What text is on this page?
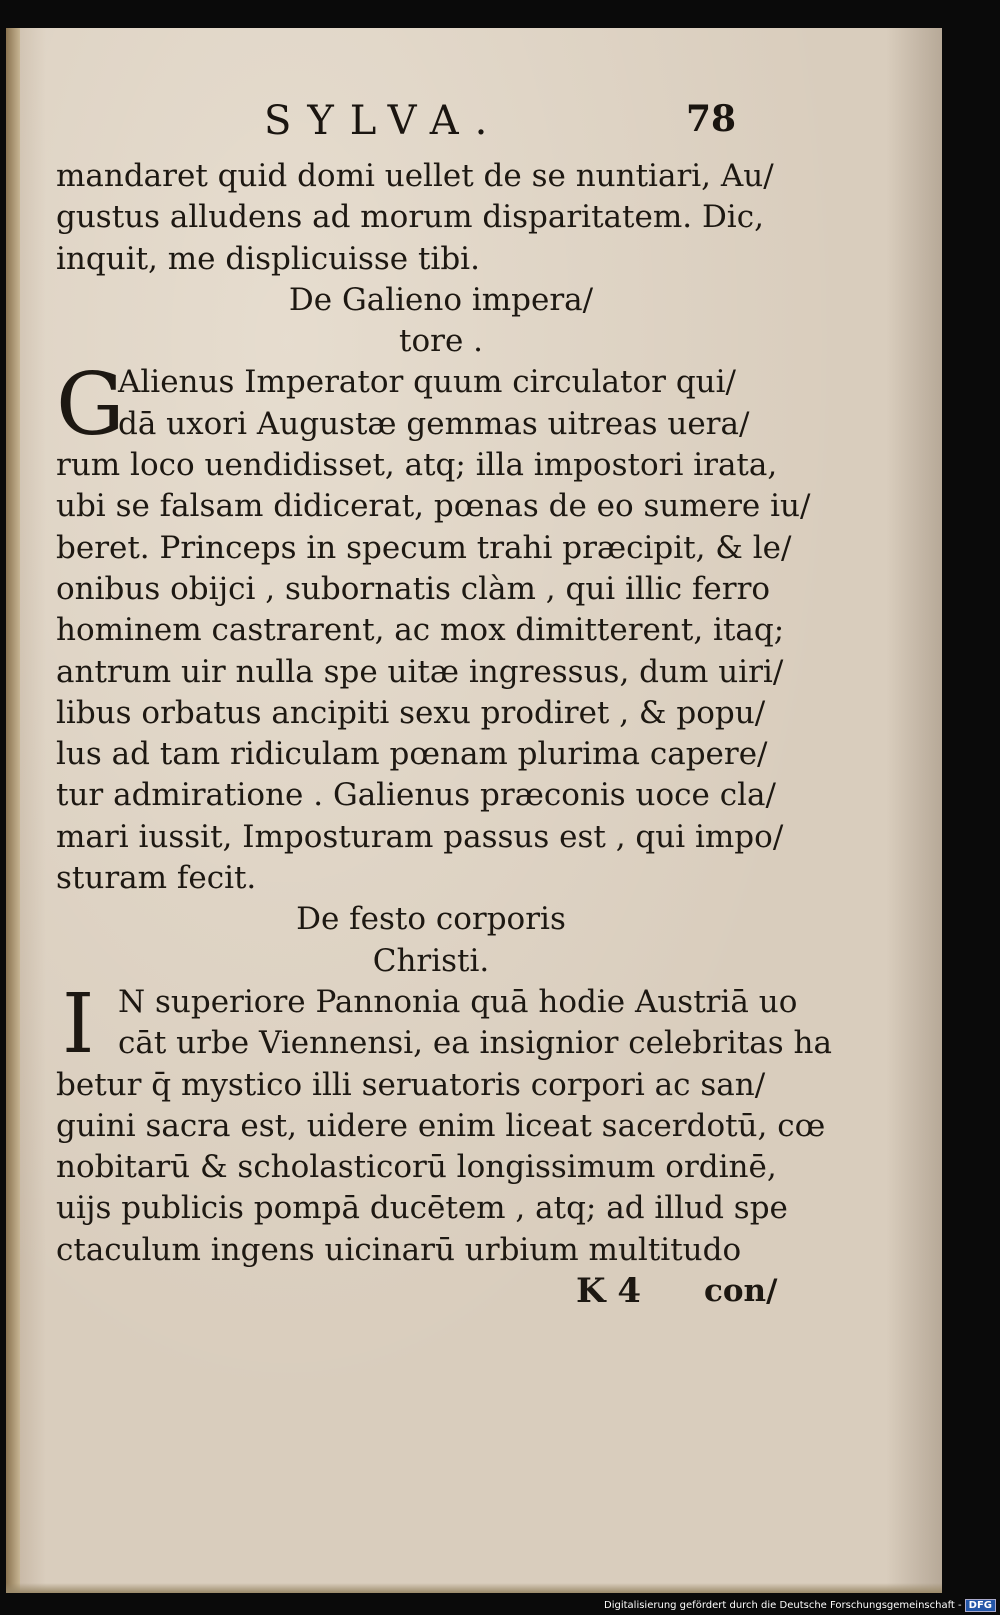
SYLVA.	78
mandaret quid domi uellet de se nuntiari, Au/
gustus alludens ad morum disparitatem. Dic,
inquit, me displicuisse tibi.
De Galieno impera/
tore .
G
Alienus Imperator quum circulator qui/
dā uxori Augustæ gemmas uitreas uera/
rum loco uendidisset, atq; illa impostori irata,
ubi se falsam didicerat, pœnas de eo sumere iu/
beret. Princeps in specum trahi præcipit, & le/
onibus obijci , subornatis clàm , qui illic ferro
hominem castrarent, ac mox dimitterent, itaq;
antrum uir nulla spe uitæ ingressus, dum uiri/
libus orbatus ancipiti sexu prodiret , & popu/
lus ad tam ridiculam pœnam plurima capere/
tur admiratione . Galienus præconis uoce cla/
mari iussit, Imposturam passus est , qui impo/
sturam fecit.
De festo corporis
Christi.
I N superiore Pannonia quā hodie Austriā uo
cāt urbe Viennensi, ea insignior celebritas ha
betur q̄ mystico illi seruatoris corpori ac san/
guini sacra est, uidere enim liceat sacerdotū, cœ
nobitarū & scholasticorū longissimum ordinē,
uijs publicis pompā ducētem , atq; ad illud spe
ctaculum ingens uicinarū urbium multitudo
K 4 con/
Digitalisierung gefördert durch die Deutsche Forschungsgemeinschaft - DFG
